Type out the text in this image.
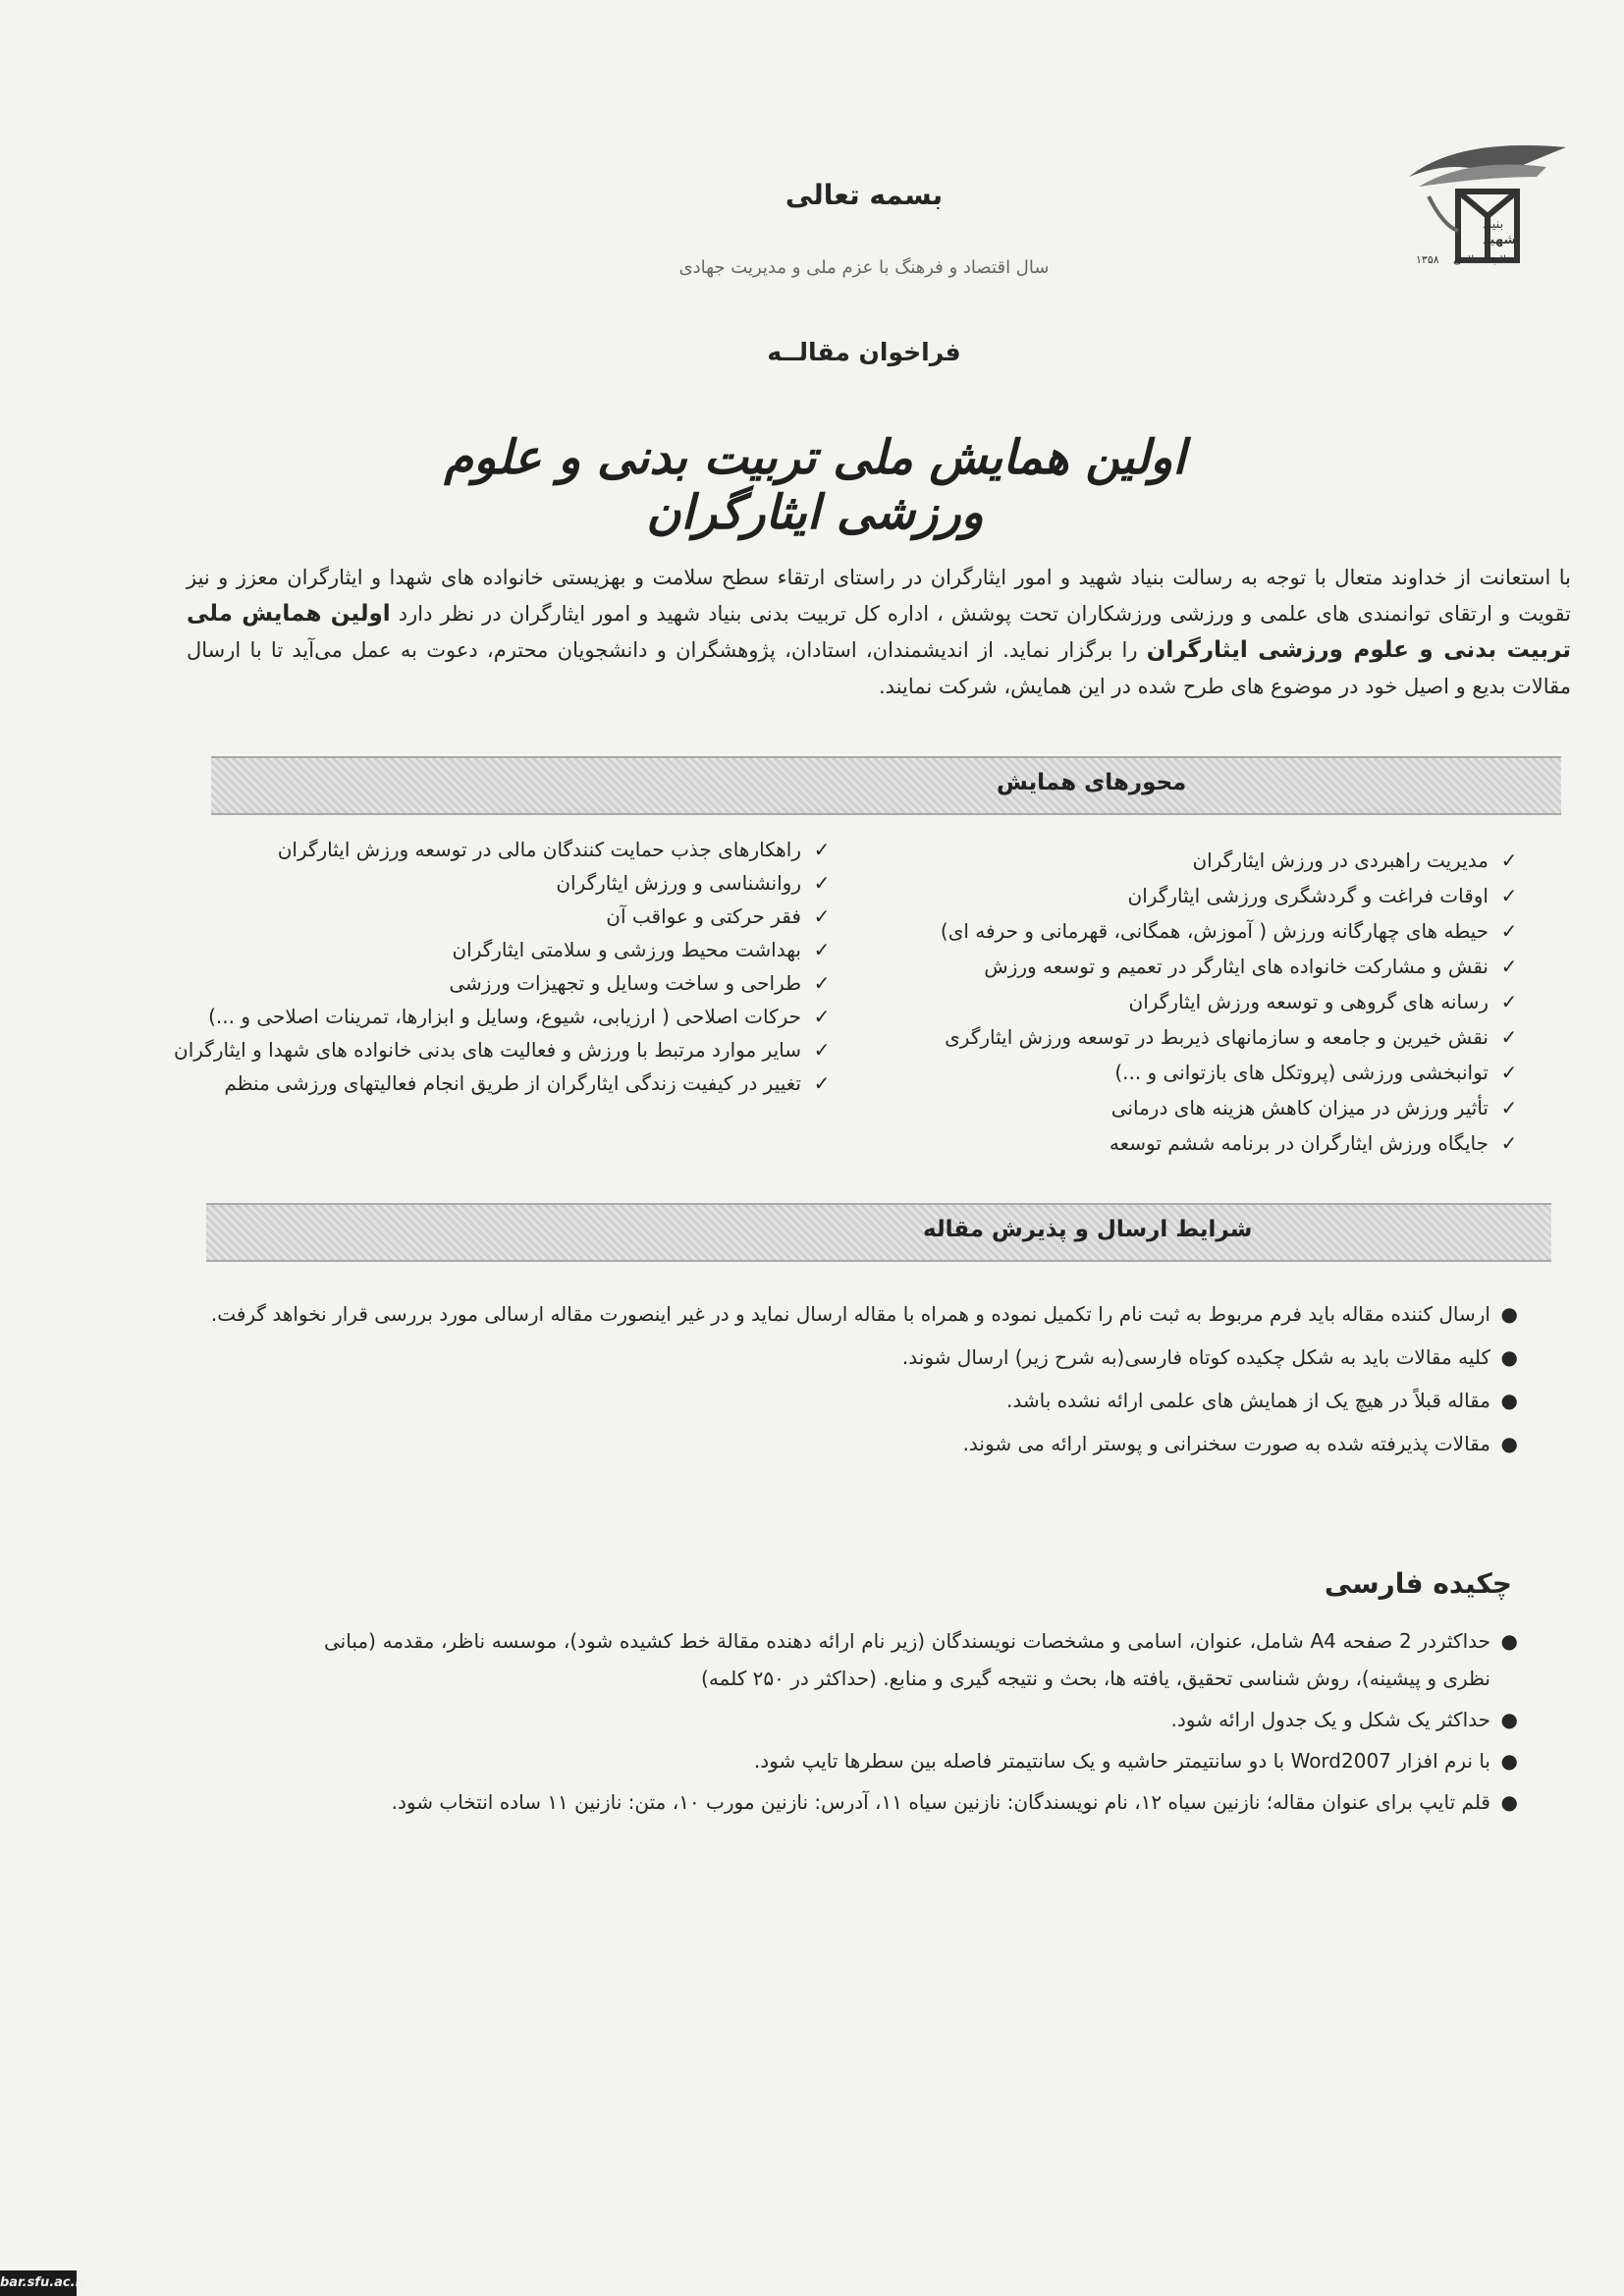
بنیاد
شهید
انقلاب اسلامی
۱۳۵۸
بسمه تعالی
سال اقتصاد و فرهنگ با عزم ملی و مدیریت جهادی
فراخوان مقالــه
اولین همایش ملی تربیت بدنی و علوم ورزشی ایثارگران
با استعانت از خداوند متعال با توجه به رسالت بنیاد شهید و امور ایثارگران در راستای ارتقاء سطح سلامت و بهزیستی خانواده های شهدا و ایثارگران معزز و نیز تقویت و ارتقای توانمندی های علمی و ورزشی ورزشکاران تحت پوشش ، اداره کل تربیت بدنی بنیاد شهید و امور ایثارگران در نظر دارد اولین همایش ملی تربیت بدنی و علوم ورزشی ایثارگران را برگزار نماید. از اندیشمندان، استادان، پژوهشگران و دانشجویان محترم، دعوت به عمل می‌آید تا با ارسال مقالات بدیع و اصیل خود در موضوع های طرح شده در این همایش، شرکت نمایند.
محورهای همایش
✓
مدیریت راهبردی در ورزش ایثارگران
✓
اوقات فراغت و گردشگری ورزشی ایثارگران
✓
حیطه های چهارگانه ورزش ( آموزش، همگانی، قهرمانی و حرفه ای)
✓
نقش و مشارکت خانواده های ایثارگر در تعمیم و توسعه ورزش
✓
رسانه های گروهی و توسعه ورزش ایثارگران
✓
نقش خیرین و جامعه و سازمانهای ذیربط در توسعه ورزش ایثارگری
✓
توانبخشی ورزشی (پروتکل های بازتوانی و ...)
✓
تأثیر ورزش در میزان کاهش هزینه های درمانی
✓
جایگاه ورزش ایثارگران در برنامه ششم توسعه
✓
راهکارهای جذب حمایت کنندگان مالی در توسعه ورزش ایثارگران
✓
روانشناسی و ورزش ایثارگران
✓
فقر حرکتی و عواقب آن
✓
بهداشت محیط ورزشی و سلامتی ایثارگران
✓
طراحی و ساخت وسایل و تجهیزات ورزشی
✓
حرکات اصلاحی ( ارزیابی، شیوع، وسایل و ابزارها، تمرینات اصلاحی و ...)
✓
سایر موارد مرتبط با ورزش و فعالیت های بدنی خانواده های شهدا و ایثارگران
✓
تغییر در کیفیت زندگی ایثارگران از طریق انجام فعالیتهای ورزشی منظم
شرایط ارسال و پذیرش مقاله
●
ارسال کننده مقاله باید فرم مربوط به ثبت نام را تکمیل نموده و همراه با مقاله ارسال نماید و در غیر اینصورت مقاله ارسالی مورد بررسی قرار نخواهد گرفت.
●
کلیه مقالات باید به شکل چکیده کوتاه فارسی(به شرح زیر) ارسال شوند.
●
مقاله قبلاً در هیچ یک از همایش های علمی ارائه نشده باشد.
●
مقالات پذیرفته شده به صورت سخنرانی و پوستر ارائه می شوند.
چکیده فارسی
●
حداکثردر 2 صفحه A4 شامل، عنوان، اسامی و مشخصات نویسندگان (زیر نام ارائه دهنده مقالة خط کشیده شود)، موسسه ناظر، مقدمه (مبانی نظری و پیشینه)، روش شناسی تحقیق، یافته ها، بحث و نتیجه گیری و منابع. (حداکثر در ۲۵۰ کلمه)
●
حداکثر یک شکل و یک جدول ارائه شود.
●
با نرم افزار Word2007 با دو سانتیمتر حاشیه و یک سانتیمتر فاصله بین سطرها تایپ شود.
●
قلم تایپ برای عنوان مقاله؛ نازنین سیاه ۱۲، نام نویسندگان: نازنین سیاه ۱۱، آدرس: نازنین مورب ۱۰، متن: نازنین ۱۱ ساده انتخاب شود.
bar.sfu.ac.ir
